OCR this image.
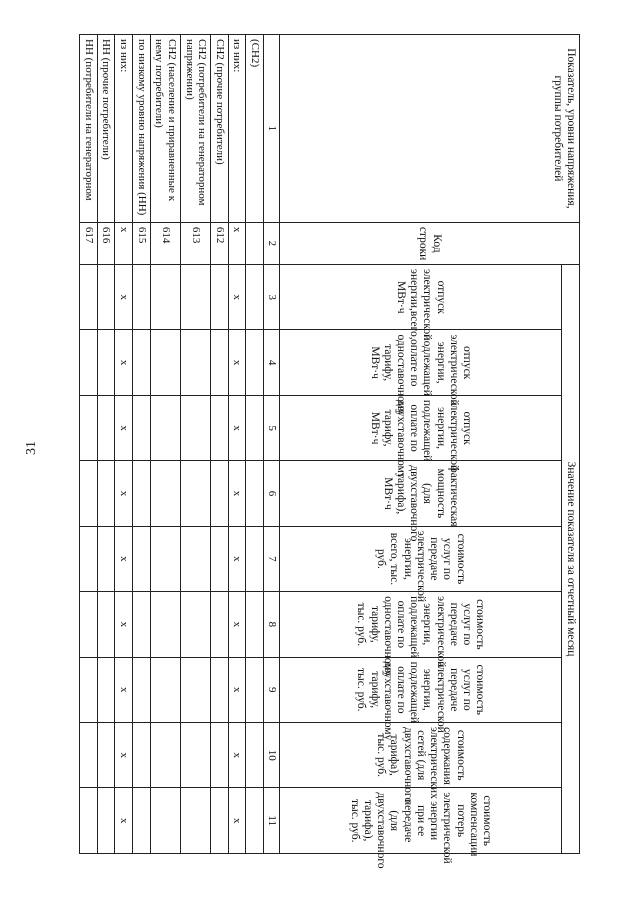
31
Показатель, уровни напряжения, группы потребителей	Код строки	Значение показателя за отчетный месяц								
		отпуск электрической энергии,всего, МВт·ч	отпуск электрической энергии, подлежащей оплате по одноставочному тарифу, МВт·ч	отпуск электрической энергии, подлежащей оплате по двухставочному тарифу, МВт·ч	фактическая мощность (для двухставочного тарифа), МВт·ч	стоимость услуг по передаче электрической энергии, всего, тыс. руб.	стоимость услуг по передаче электрической энергии, подлежащей оплате по одноставочному тарифу, тыс. руб.	стоимость услуг по передаче электрической энергии, подлежащей оплате по двухставочному тарифу, тыс. руб.	стоимость содержания электрических сетей (для двухставочного тарифа), тыс. руб.	стоимость компенсации потерь электрической энергии при ее передаче (для двухставочного тарифа), тыс. руб.
1	2	3	4	5	6	7	8	9	10	11
(СН2)										
из них:	x	x	x	x	x	x	x	x	x	x
СН2 (прочие потребители)	612									
СН2 (потребители на генераторном напряжении)	613									
СН2 (население и приравненные к нему потребители)	614									
по низкому уровню напряжения (НН)	615									
из них:	x	x	x	x	x	x	x	x	x	x
НН (прочие потребители)	616									
НН (потребители на генераторном	617									
